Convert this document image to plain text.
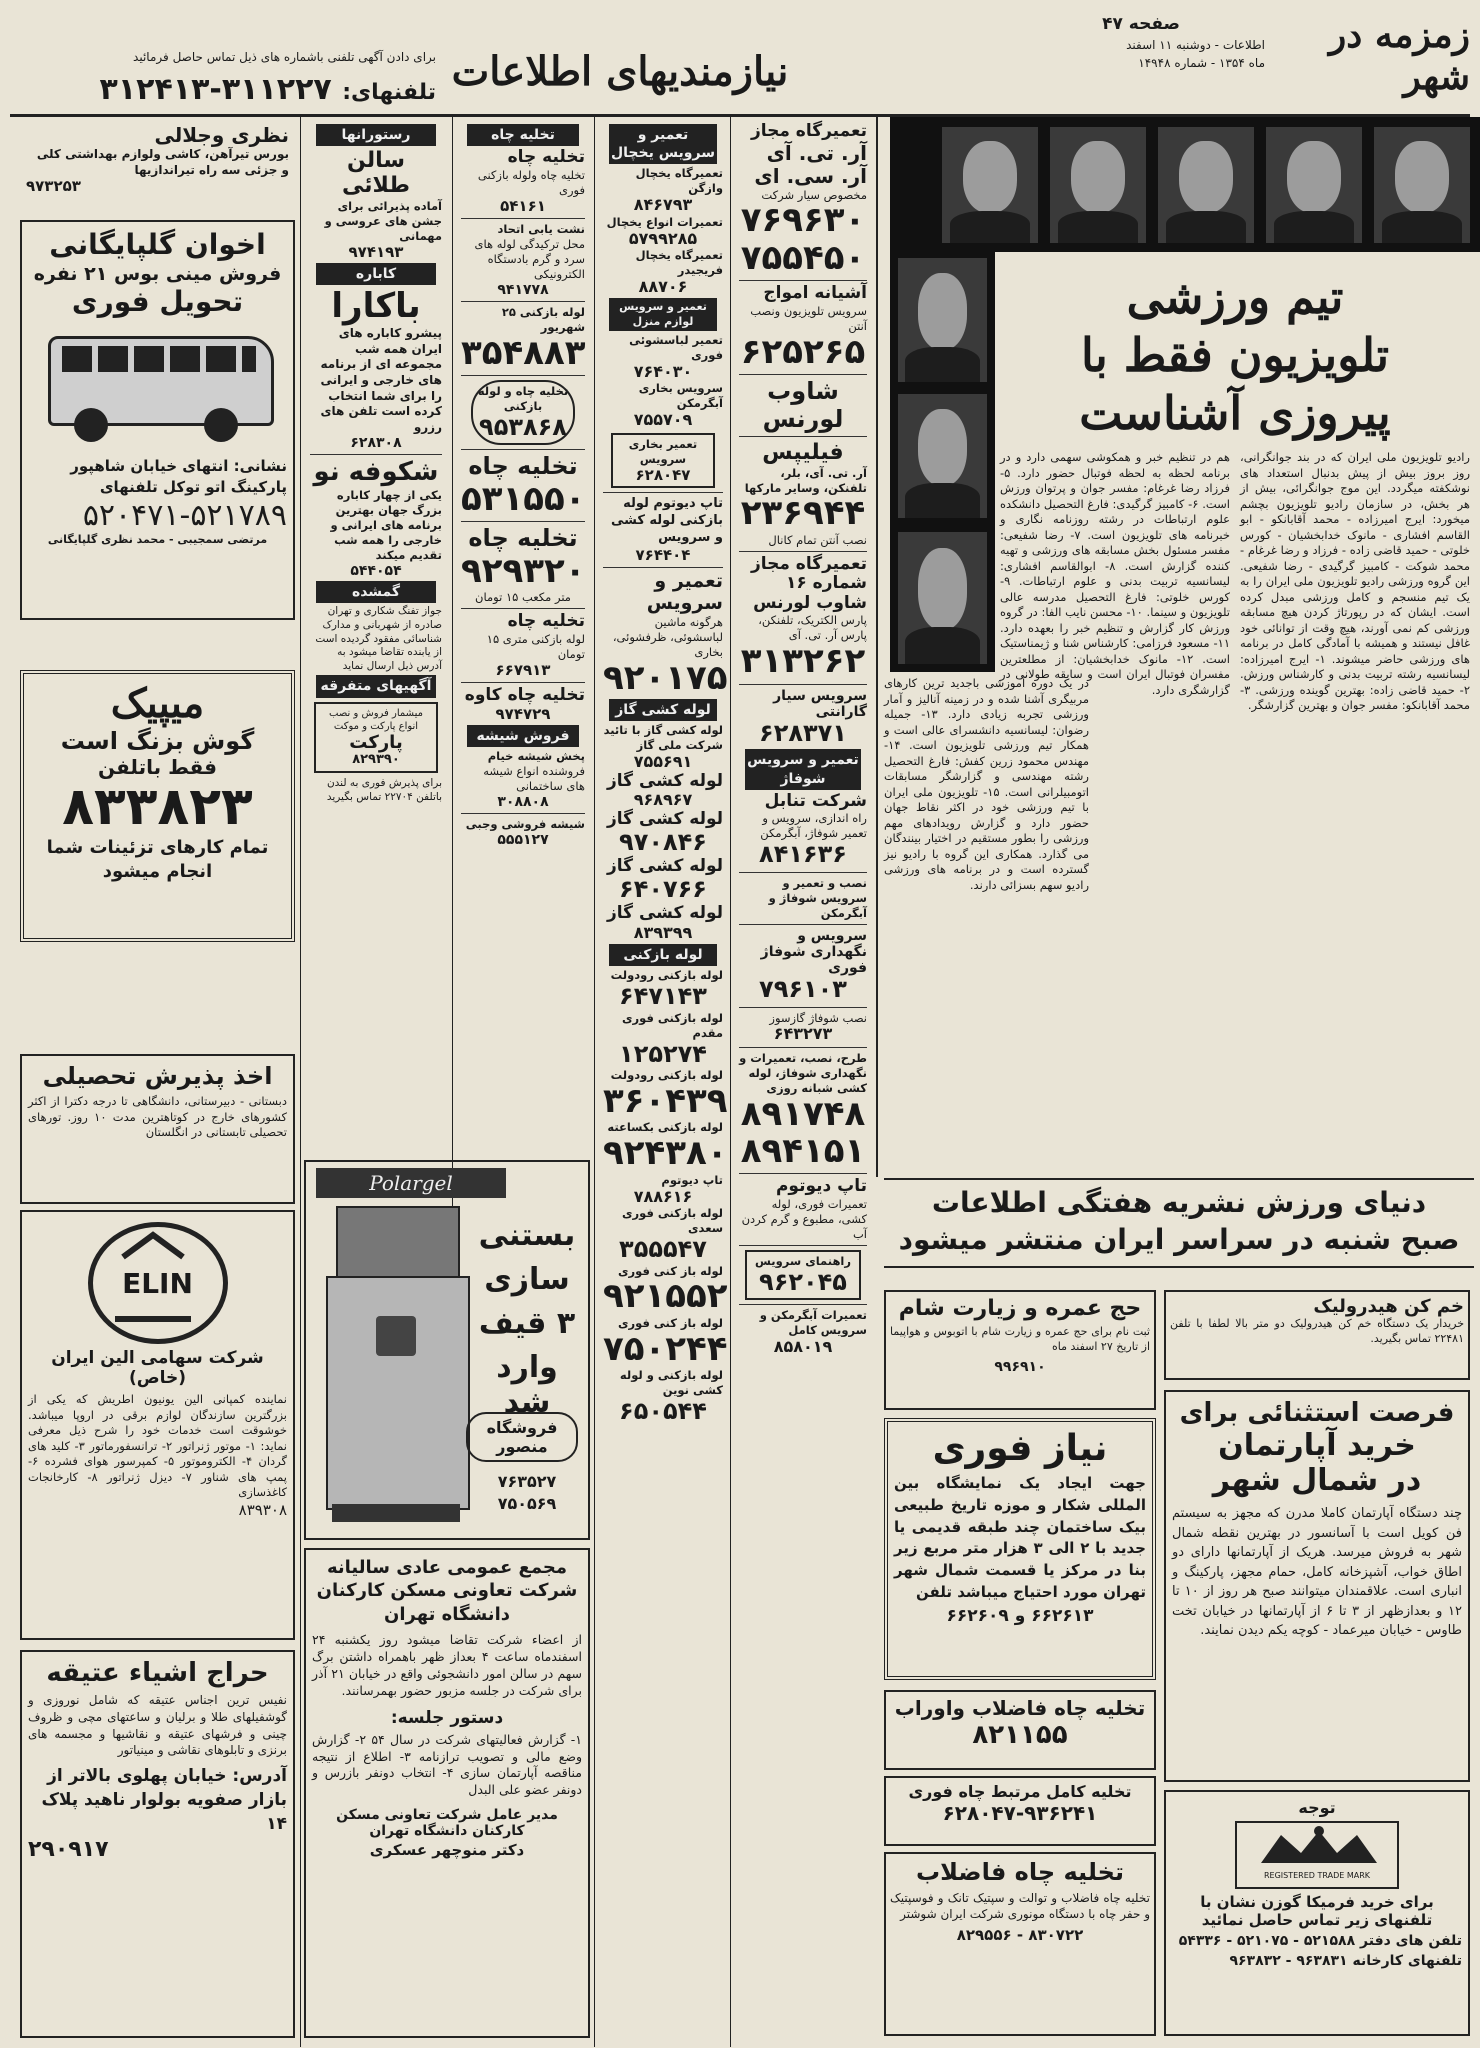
زمزمه در شهر
صفحه ۴۷
اطلاعات - دوشنبه ۱۱ اسفند
ماه ۱۳۵۴ - شماره ۱۴۹۴۸
نیازمندیهای اطلاعات
برای دادن آگهی تلفنی باشماره های ذیل تماس حاصل فرمائید
تلفنهای: ۳۱۱۲۲۷-۳۱۲۴۱۳
تیم ورزشی
تلویزیون فقط با
پیروزی آشناست
رادیو تلویزیون ملی ایران که در بند جوانگرانی، روز بروز بیش از پیش بدنبال استعداد های نوشکفته میگردد. این موج جوانگرائی، بیش از هر بخش، در سازمان رادیو تلویزیون بچشم میخورد: ایرج امیرزاده - محمد آقابانکو - ابو القاسم افشاری - مانوک خدابخشیان - کورس خلوتی - حمید قاضی زاده - فرزاد و رضا غرغام - محمد شوکت - کامبیز گرگیدی - رضا شفیعی. این گروه ورزشی رادیو تلویزیون ملی ایران را به یک تیم منسجم و کامل ورزشی مبدل کرده است. ایشان که در رپورتاژ کردن هیچ مسابقه ورزشی کم نمی آورند، هیچ وقت از توانائی خود غافل نیستند و همیشه با آمادگی کامل در برنامه های ورزشی حاضر میشوند. ۱- ایرج امیرزاده: لیسانسیه رشته تربیت بدنی و کارشناس ورزش. ۲- حمید قاضی زاده: بهترین گوینده ورزشی. ۳- محمد آقابانکو: مفسر جوان و بهترین گزارشگر.
هم در تنظیم خبر و همکوشی سهمی دارد و در برنامه لحظه به لحظه فوتبال حضور دارد. ۵- فرزاد رضا غرغام: مفسر جوان و پرتوان ورزش است. ۶- کامبیز گرگیدی: فارغ التحصیل دانشکده علوم ارتباطات در رشته روزنامه نگاری و خبرنامه های تلویزیون است. ۷- رضا شفیعی: مفسر مسئول بخش مسابقه های ورزشی و تهیه کننده گزارش است. ۸- ابوالقاسم افشاری: لیسانسیه تربیت بدنی و علوم ارتباطات. ۹- کورس خلوتی: فارغ التحصیل مدرسه عالی تلویزیون و سینما. ۱۰- محسن نایب الفا: در گروه ورزش کار گزارش و تنظیم خبر را بعهده دارد. ۱۱- مسعود فرزامی: کارشناس شنا و ژیمناستیک است. ۱۲- مانوک خدابخشیان: از مطلعترین مفسران فوتبال ایران است و سابقه طولانی در گزارشگری دارد.
در یک دوره آموزشی باجدید ترین کارهای مربیگری آشنا شده و در زمینه آنالیز و آمار ورزشی تجربه زیادی دارد. ۱۳- جمیله رضوان: لیسانسیه دانشسرای عالی است و همکار تیم ورزشی تلویزیون است. ۱۴- مهندس محمود زرین کفش: فارغ التحصیل رشته مهندسی و گزارشگر مسابقات اتومبیلرانی است. ۱۵- تلویزیون ملی ایران با تیم ورزشی خود در اکثر نقاط جهان حضور دارد و گزارش رویدادهای مهم ورزشی را بطور مستقیم در اختیار بینندگان می گذارد. همکاری این گروه با رادیو نیز گسترده است و در برنامه های ورزشی رادیو سهم بسزائی دارند.
دنیای ورزش نشریه هفتگی اطلاعات
صبح شنبه در سراسر ایران منتشر میشود
حج عمره و زیارت شام
ثبت نام برای حج عمره و زیارت شام با اتوبوس و هواپیما از تاریخ ۲۷ اسفند ماه
۹۹۶۹۱۰
خم کن هیدرولیک
خریدار یک دستگاه خم کن هیدرولیک دو متر بالا لطفا با تلفن ۲۲۴۸۱ تماس بگیرید.
نیاز فوری
جهت ایجاد یک نمایشگاه بین المللی شکار و موزه تاریخ طبیعی بیک ساختمان چند طبقه قدیمی یا جدید با ۲ الی ۳ هزار متر مربع زیر بنا در مرکز یا قسمت شمال شهر تهران مورد احتیاج میباشد تلفن
۶۶۲۶۱۳ و ۶۶۲۶۰۹
فرصت استثنائی برای
خرید آپارتمان
در شمال شهر
چند دستگاه آپارتمان کاملا مدرن که مجهز به سیستم فن کویل است با آسانسور در بهترین نقطه شمال شهر به فروش میرسد. هریک از آپارتمانها دارای دو اطاق خواب، آشپزخانه کامل، حمام مجهز، پارکینگ و انباری است. علاقمندان میتوانند صبح هر روز از ۱۰ تا ۱۲ و بعدازظهر از ۳ تا ۶ از آپارتمانها در خیابان تخت طاوس - خیابان میرعماد - کوچه یکم دیدن نمایند.
تخلیه چاه فاضلاب واوراب
۸۲۱۱۵۵
تخلیه کامل مرتبط چاه فوری
۶۲۸۰۴۷-۹۳۶۲۴۱
تخلیه چاه فاضلاب
تخلیه چاه فاضلاب و توالت و سپتیک تانک و فوسپتیک و حفر چاه با دستگاه مونوری شرکت ایران شوشتر
۸۲۹۵۵۶ - ۸۳۰۷۲۲
توجه
REGISTERED TRADE MARK
برای خرید فرمیکا گوزن نشان با تلفنهای زیر تماس حاصل نمائید
تلفن های دفتر ۵۲۱۵۸۸ - ۵۲۱۰۷۵ - ۵۴۳۳۶
تلفنهای کارخانه ۹۶۳۸۳۱ - ۹۶۳۸۳۲
تعمیرگاه مجاز
آر. تی. آی
آر. سی. ای
مخصوص سیار شرکت
۷۶۹۶۳۰
۷۵۵۴۵۰
آشیانه امواج
سرویس تلویزیون ونصب آنتن
۶۲۵۲۶۵
شاوب لورنس
فیلیپس
آر. تی. آی، بلر، تلفنکن، وسایر مارکها
۲۳۶۹۴۴
نصب آنتن تمام کانال
تعمیرگاه مجاز شماره ۱۶ شاوب لورنس
پارس الکتریک، تلفنکن، پارس آر. تی. آی
۳۱۳۲۶۲
سرویس سیار گارانتی
۶۲۸۳۷۱
تعمیر و سرویس شوفاژ
شرکت تنابل
راه اندازی، سرویس و تعمیر شوفاژ، آبگرمکن
۸۴۱۶۳۶
نصب و تعمیر و سرویس شوفاژ و آبگرمکن
سرویس و نگهداری شوفاژ فوری
۷۹۶۱۰۳
نصب شوفاژ گازسوز
۶۴۳۲۷۳
طرح، نصب، تعمیرات و نگهداری شوفاژ، لوله کشی شبانه روزی
۸۹۱۷۴۸
۸۹۴۱۵۱
تاپ دیوتوم
تعمیرات فوری، لوله کشی، مطبوع و گرم کردن آب
راهنمای سرویس
۹۶۲۰۴۵
تعمیرات آبگرمکن و سرویس کامل
۸۵۸۰۱۹
تعمیر و سرویس یخچال
تعمیرگاه یخچال وازگن
۸۴۶۷۹۳
تعمیرات انواع یخچال
۵۷۹۹۲۸۵
تعمیرگاه یخچال فریجیدر
۸۸۷۰۶
تعمیر و سرویس لوازم منزل
تعمیر لباسشوئی فوری
۷۶۴۰۳۰
سرویس بخاری آبگرمکن
۷۵۵۷۰۹
تعمیر بخاری سرویس
۶۲۸۰۴۷
تاپ دیوتوم لوله بازکنی لوله کشی و سرویس
۷۶۴۴۰۴
تعمیر و سرویس
هرگونه ماشین لباسشوئی، ظرفشوئی، بخاری
۹۲۰۱۷۵
لوله کشی گاز
لوله کشی گاز با تائید شرکت ملی گاز
۷۵۵۶۹۱
لوله کشی گاز
۹۶۸۹۶۷
لوله کشی گاز
۹۷۰۸۴۶
لوله کشی گاز
۶۴۰۷۶۶
لوله کشی گاز
۸۳۹۳۹۹
لوله بازکنی
لوله بازکنی رودولت
۶۴۷۱۴۳
لوله بازکنی فوری مقدم
۱۲۵۲۷۴
لوله بازکنی رودولت
۳۶۰۴۳۹
لوله بازکنی بکساعته
۹۲۴۳۸۰
تاپ دیوتوم
۷۸۸۶۱۶
لوله بازکنی فوری سعدی
۳۵۵۵۴۷
لوله باز کنی فوری
۹۲۱۵۵۲
لوله باز کنی فوری
۷۵۰۲۴۴
لوله بازکنی و لوله کشی نوین
۶۵۰۵۴۴
تخلیه چاه
تخلیه چاه
تخلیه چاه ولوله بازکنی فوری
۵۴۱۶۱
نشت یابی اتحاد
محل ترکیدگی لوله های سرد و گرم بادستگاه الکترونیکی
۹۴۱۷۷۸
لوله بازکنی ۲۵ شهریور
۳۵۴۸۸۳
تخلیه چاه و لوله بازکنی
۹۵۳۸۶۸
تخلیه چاه
۵۳۱۵۵۰
تخلیه چاه
۹۲۹۳۲۰
متر مکعب ۱۵ تومان
تخلیه چاه
لوله بازکنی متری ۱۵ تومان
۶۶۷۹۱۳
تخلیه چاه کاوه
۹۷۴۷۲۹
فروش شیشه
پخش شیشه خیام
فروشنده انواع شیشه های ساختمانی
۳۰۸۸۰۸
شیشه فروشی وجبی
۵۵۵۱۲۷
Polargel
بستنی
سازی
۳ قیف
وارد شد
فروشگاه منصور
۷۶۳۵۲۷
۷۵۰۵۶۹
رستورانها
سالن طلائی
آماده پذیرائی برای جشن های عروسی و مهمانی
۹۷۴۱۹۳
کاباره
باکارا
پیشرو کاباره های ایران همه شب مجموعه ای از برنامه های خارجی و ایرانی را برای شما انتخاب کرده است تلفن های رزرو
۶۲۸۳۰۸
شکوفه نو
یکی از چهار کاباره بزرگ جهان بهترین برنامه های ایرانی و خارجی را همه شب تقدیم میکند
۵۴۴۰۵۴
گمشده
جواز تفنگ شکاری و تهران صادره از شهربانی و مدارک شناسائی مفقود گردیده است از یابنده تقاضا میشود به آدرس ذیل ارسال نماید
آگهیهای متفرقه
میشمار فروش و نصب انواع پارکت و موکت
پارکت
۸۲۹۳۹۰
برای پذیرش فوری به لندن باتلفن ۲۲۷۰۴ تماس بگیرید
مجمع عمومی عادی سالیانه شرکت تعاونی مسکن کارکنان دانشگاه تهران
از اعضاء شرکت تقاضا میشود روز یکشنبه ۲۴ اسفندماه ساعت ۴ بعداز ظهر باهمراه داشتن برگ سهم در سالن امور دانشجوئی واقع در خیابان ۲۱ آذر برای شرکت در جلسه مزبور حضور بهمرسانند.
دستور جلسه:
۱- گزارش فعالیتهای شرکت در سال ۵۴ ۲- گزارش وضع مالی و تصویب ترازنامه ۳- اطلاع از نتیجه مناقصه آپارتمان سازی ۴- انتخاب دونفر بازرس و دونفر عضو علی البدل
مدیر عامل شرکت تعاونی مسکن کارکنان دانشگاه تهران
دکتر منوچهر عسکری
نظری وجلالی
بورس تیرآهن، کاشی ولوازم بهداشتی کلی و جزئی سه راه تیراندازیها
۹۷۳۲۵۳
اخوان گلپایگانی
فروش مینی بوس ۲۱ نفره
تحویل فوری
نشانی: انتهای خیابان شاهپور پارکینگ اتو توکل تلفنهای
۵۲۰۴۷۱-۵۲۱۷۸۹
مرتضی سمجیبی - محمد نظری گلپایگانی
میپیک
گوش بزنگ است
فقط باتلفن
۸۳۳۸۲۳
تمام کارهای تزئینات شما انجام میشود
اخذ پذیرش تحصیلی
دبستانی - دبیرستانی، دانشگاهی تا درجه دکترا از اکثر کشورهای خارج در کوتاهترین مدت ۱۰ روز. تورهای تحصیلی تابستانی در انگلستان
ELIN
شرکت سهامی الین ایران (خاص)
نماینده کمپانی الین یونیون اطریش که یکی از بزرگترین سازندگان لوازم برقی در اروپا میباشد. خوشوقت است خدمات خود را شرح ذیل معرفی نماید: ۱- موتور ژنراتور ۲- ترانسفورماتور ۳- کلید های گردان ۴- الکتروموتور ۵- کمپرسور هوای فشرده ۶- پمپ های شناور ۷- دیزل ژنراتور ۸- کارخانجات کاغذسازی
۸۳۹۳۰۸
حراج اشیاء عتیقه
نفیس ترین اجناس عتیقه که شامل نوروزی و گوشفیلهای طلا و برلیان و ساعتهای مچی و ظروف چینی و فرشهای عتیقه و نقاشیها و مجسمه های برنزی و تابلوهای نقاشی و مینیاتور
آدرس: خیابان پهلوی بالاتر از بازار صفویه بولوار ناهید پلاک ۱۴
۲۹۰۹۱۷
